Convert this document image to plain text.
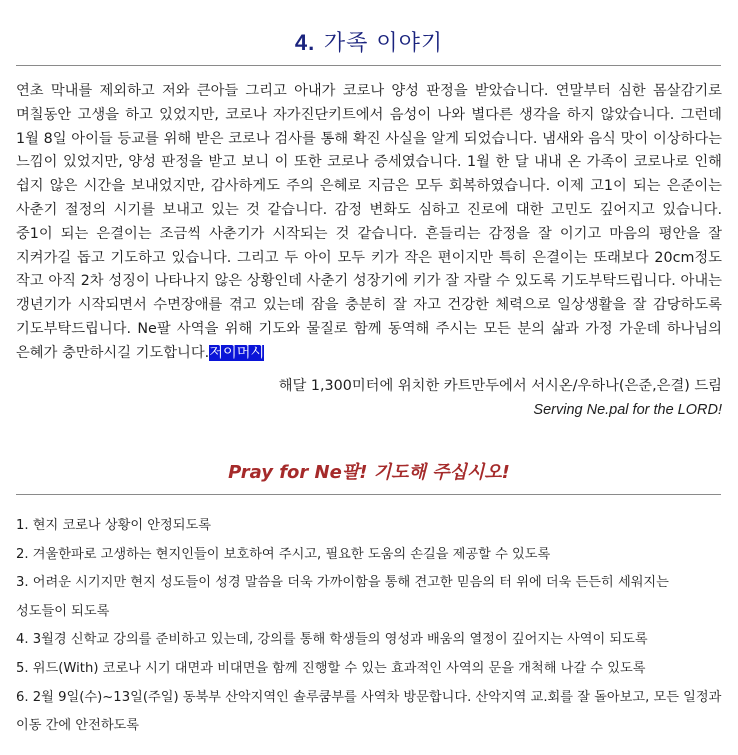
4. 가족 이야기
연초 막내를 제외하고 저와 큰아들 그리고 아내가 코로나 양성 판정을 받았습니다. 연말부터 심한 몸살감기로 며칠동안 고생을 하고 있었지만, 코로나 자가진단키트에서 음성이 나와 별다른 생각을 하지 않았습니다. 그런데 1월 8일 아이들 등교를 위해 받은 코로나 검사를 통해 확진 사실을 알게 되었습니다. 냄새와 음식 맛이 이상하다는 느낌이 있었지만, 양성 판정을 받고 보니 이 또한 코로나 증세였습니다. 1월 한 달 내내 온 가족이 코로나로 인해 쉽지 않은 시간을 보내었지만, 감사하게도 주의 은혜로 지금은 모두 회복하였습니다. 이제 고1이 되는 은준이는 사춘기 절정의 시기를 보내고 있는 것 같습니다. 감정 변화도 심하고 진로에 대한 고민도 깊어지고 있습니다. 중1이 되는 은결이는 조금씩 사춘기가 시작되는 것 같습니다. 흔들리는 감정을 잘 이기고 마음의 평안을 잘 지켜가길 돕고 기도하고 있습니다. 그리고 두 아이 모두 키가 작은 편이지만 특히 은결이는 또래보다 20cm정도 작고 아직 2차 성징이 나타나지 않은 상황인데 사춘기 성장기에 키가 잘 자랄 수 있도록 기도부탁드립니다. 아내는 갱년기가 시작되면서 수면장애를 겪고 있는데 잠을 충분히 잘 자고 건강한 체력으로 일상생활을 잘 감당하도록 기도부탁드립니다. Ne팔 사역을 위해 기도와 물질로 함께 동역해 주시는 모든 분의 삶과 가정 가운데 하나님의 은혜가 충만하시길 기도합니다.저이머시
해달 1,300미터에 위치한 카트만두에서 서시온/우하나(은준,은결) 드림
Serving Ne.pal for the LORD!
Pray for Ne팔! 기도해 주십시오!
1. 현지 코로나 상황이 안정되도록
2. 겨울한파로 고생하는 현지인들이 보호하여 주시고, 필요한 도움의 손길을 제공할 수 있도록
3. 어려운 시기지만 현지 성도들이 성경 말씀을 더욱 가까이함을 통해 견고한 믿음의 터 위에 더욱 든든히 세워지는 성도들이 되도록
4. 3월경 신학교 강의를 준비하고 있는데, 강의를 통해 학생들의 영성과 배움의 열정이 깊어지는 사역이 되도록
5. 위드(With) 코로나 시기 대면과 비대면을 함께 진행할 수 있는 효과적인 사역의 문을 개척해 나갈 수 있도록
6. 2월 9일(수)~13일(주일) 동북부 산악지역인 솔루쿰부를 사역차 방문합니다. 산악지역 교.회를 잘 돌아보고, 모든 일정과 이동 간에 안전하도록
